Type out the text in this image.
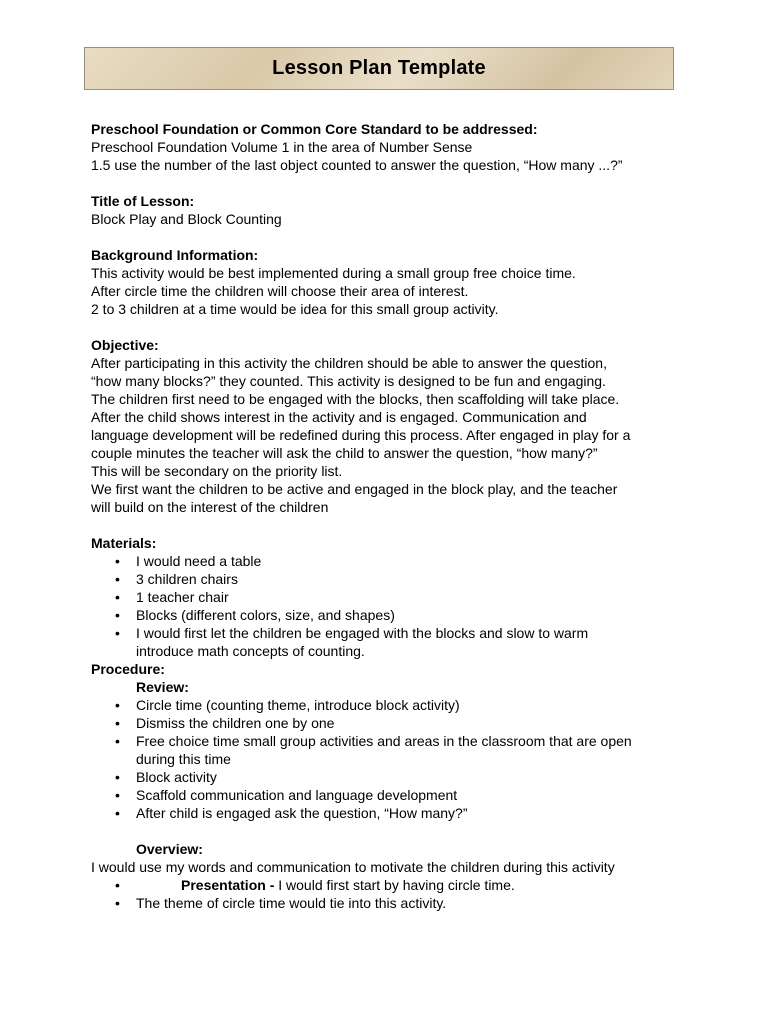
Lesson Plan Template
Preschool Foundation or Common Core Standard to be addressed:
Preschool Foundation Volume 1 in the area of Number Sense
1.5 use the number of the last object counted to answer the question, “How many ...?”
Title of Lesson:
Block Play and Block Counting
Background Information:
This activity would be best implemented during a small group free choice time.
After circle time the children will choose their area of interest.
2 to 3 children at a time would be idea for this small group activity.
Objective:
After participating in this activity the children should be able to answer the question,
“how many blocks?” they counted. This activity is designed to be fun and engaging.
The children first need to be engaged with the blocks, then scaffolding will take place.
After the child shows interest in the activity and is engaged. Communication and
language development will be redefined during this process. After engaged in play for a
couple minutes the teacher will ask the child to answer the question, “how many?”
This will be secondary on the priority list.
We first want the children to be active and engaged in the block play, and the teacher
will build on the interest of the children
Materials:
• I would need a table
• 3 children chairs
• 1 teacher chair
• Blocks (different colors, size, and shapes)
• I would first let the children be engaged with the blocks and slow to warm
introduce math concepts of counting.
Procedure:
Review:
• Circle time (counting theme, introduce block activity)
• Dismiss the children one by one
• Free choice time small group activities and areas in the classroom that are open
during this time
• Block activity
• Scaffold communication and language development
• After child is engaged ask the question, “How many?”
Overview:
I would use my words and communication to motivate the children during this activity
• Presentation - I would first start by having circle time.
• The theme of circle time would tie into this activity.
